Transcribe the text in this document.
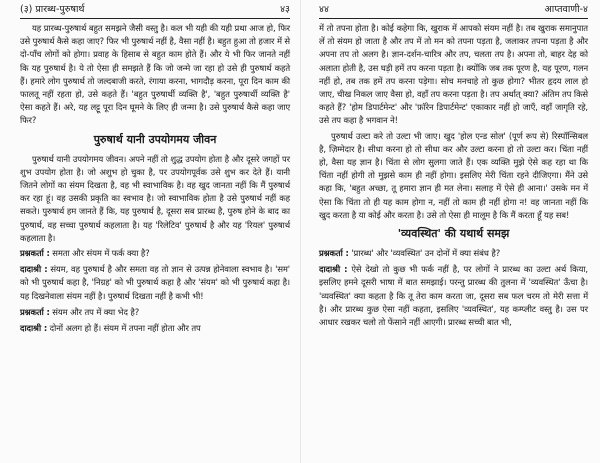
(३) प्रारब्ध-पुरुषार्थ	४३

यह प्रारब्ध-पुरुषार्थ बहुत समझने जैसी वस्तु है। कल भी यही की यही प्रथा आज हो, फिर उसे पुरुषार्थ कैसे कहा जाए? फिर भी पुरुषार्थ नहीं है, वैसा नहीं है। बहुत हुआ तो हजार में से दो-पाँच लोगों को होगा। प्रवाह के हिसाब से बहुत काम होते हैं। और ये भी फिर जानते नहीं कि यह पुरुषार्थ है। ये तो ऐसा ही समझते हैं कि जो जन्मे जा रहा हो उसे ही पुरुषार्थ कहते हैं। हमारे लोग पुरुषार्थ तो जल्दबाजी करते, रंगाया करना, भागदौड़ करना, पूरा दिन काम की फालतू नहीं रहता हो, उसे कहते हैं। 'बहुत पुरुषार्थी व्यक्ति है', 'बहुत पुरुषार्थी व्यक्ति है' ऐसा कहते हैं। अरे, यह लट्टू पूरा दिन घूमने के लिए ही जन्मा है। उसे पुरुषार्थ कैसे कहा जाए फिर?

पुरुषार्थ यानी उपयोगमय जीवन

पुरुषार्थ यानी उपयोगमय जीवन। अपने नहीं तो शुद्ध उपयोग होता है और दूसरे जगहों पर शुभ उपयोग होता है। जो अशुभ हो चुका है, पर उपयोगपूर्वक उसे शुभ कर देते हैं। यानी जितने लोगों का संयम दिखता है, वह भी स्वाभाविक है। वह खुद जानता नहीं कि मैं पुरुषार्थ कर रहा हूं। वह उसकी प्रकृति का स्वभाव है। जो स्वाभाविक होता है उसे पुरुषार्थ नहीं कह सकते। पुरुषार्थ हम जानते हैं कि, यह पुरुषार्थ है, दूसरा सब प्रारब्ध है, पुरुष होने के बाद का पुरुषार्थ, वह सच्चा पुरुषार्थ कहलाता है। यह 'रिलेटिव' पुरुषार्थ है और यह 'रियल' पुरुषार्थ कहलाता है।

प्रश्नकर्ता : समता और संयम में फर्क क्या है?

दादाश्री : संयम, वह पुरुषार्थ है और समता वह तो ज्ञान से उत्पन्न होनेवाला स्वभाव है। 'सम' को भी पुरुषार्थ कहा है, 'निग्रह' को भी पुरुषार्थ कहा है और 'संयम' को भी पुरुषार्थ कहा है। यह दिखनेवाला संयम नहीं है। पुरुषार्थ दिखता नहीं है कभी भी!

प्रश्नकर्ता : संयम और तप में क्या भेद है?

दादाश्री : दोनों अलग हो हैं। संयम में तपना नहीं होता और तप

४४	आप्तवाणी-४

में तो तपना होता है। कोई कहेगा कि, खुराक में आपको संयम नहीं है। तब खुराक समानुपात लें तो संयम हो जाता है और तप में तो मन को तपना पड़ता है, जलाकर तपना पड़ता है और अपना तप तो अलग है। ज्ञान-दर्शन-चारित्र और तप, चलता तप है। अपना तो, बाहर देह को अलाता होती है, उस घड़ी हमें तप करना पड़ता है। क्योंकि जब तक पूरण है, यह पूरण, गलन नहीं हो, तब तक हमें तप करना पड़ेगा। सोच मनचाहे तो कुछ होगा? भीतर हृदय लाल हो जाए, चीख निकल जाए वैसा हो, वहाँ तप करना पड़ता है। तप अर्थात् क्या? अंतिम तप किसे कहते हैं? 'होम डिपार्टमेन्ट' और 'फ़ॉरेन डिपार्टमेन्ट' एकाकार नहीं हो जाएँ, वहाँ जागृति रहे, उसे तप कहा है भगवान ने!

पुरुषार्थ उल्टा करे तो उल्टा भी जाए। खुद 'होल एन्ड सोल' (पूर्ण रूप से) रिस्पॉन्सिबल है, ज़िम्मेदार है। सीधा करना हो तो सीधा कर और उल्टा करना हो तो उल्टा कर। चिंता नहीं हो, वैसा यह ज्ञान है। चिंता से लोग सुलगा जाते हैं। एक व्यक्ति मुझे ऐसे कह रहा था कि चिंता नहीं होगी तो मुझसे काम ही नहीं होगा। इसलिए मेरी चिंता रहने दीजिएगा। मैंने उसे कहा कि, 'बहुत अच्छा, तू हमारा ज्ञान ही मत लेना। सलाह में ऐसे ही आना।' उसके मन में ऐसा कि चिंता तो ही यह काम होगा न, नहीं तो काम ही नहीं होगा न! वह जानता नहीं कि खुद करता है या कोई और करता है। उसे तो ऐसा ही मालूम है कि मैं करता हूँ यह सब!

'व्यवस्थित' की यथार्थ समझ

प्रश्नकर्ता : 'प्रारब्ध' और 'व्यवस्थित' उन दोनों में क्या संबंध है?

दादाश्री : ऐसे देखो तो कुछ भी फर्क नहीं है, पर लोगों ने प्रारब्ध का उल्टा अर्थ किया, इसलिए हमने दूसरी भाषा में बात समझाई। परन्तु प्रारब्ध की तुलना में 'व्यवस्थित' ऊँचा है। 'व्यवस्थित' क्या कहता है कि तू तेरा काम करता जा, दूसरा सब फल चरम तो मेरी सत्ता में है। और प्रारब्ध कुछ ऐसा नहीं कहता, इसलिए 'व्यवस्थित', यह कम्प्लीट वस्तु है। उस पर आधार रखकर चलो तो फेंसाने नहीं आएगी। प्रारब्ध सच्ची बात भी,
